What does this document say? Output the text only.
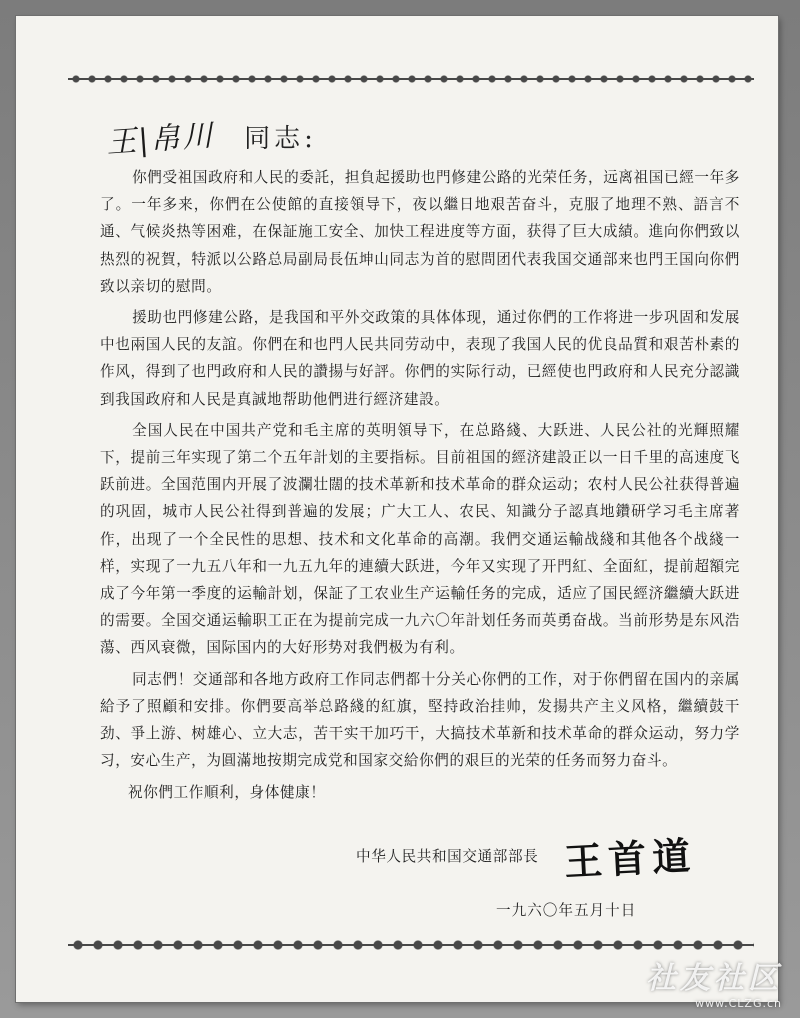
王|帛川 同志:

你們受祖国政府和人民的委託，担負起援助也門修建公路的光荣任务，远离祖国已經一年多了。一年多来，你們在公使館的直接領导下，夜以繼日地艰苦奋斗，克服了地理不熟、語言不通、气候炎热等困难，在保証施工安全、加快工程进度等方面，获得了巨大成績。進向你們致以热烈的祝賀，特派以公路总局副局長伍坤山同志为首的慰問团代表我国交通部来也門王国向你們致以亲切的慰問。

援助也門修建公路，是我国和平外交政策的具体体现，通过你們的工作将进一步巩固和发展中也兩国人民的友誼。你們在和也門人民共同劳动中，表现了我国人民的优良品質和艰苦朴素的作风，得到了也門政府和人民的讚揚与好評。你們的实际行动，已經使也門政府和人民充分認識到我国政府和人民是真誠地帮助他們进行經济建設。

全国人民在中国共产党和毛主席的英明領导下，在总路綫、大跃进、人民公社的光輝照耀下，提前三年实现了第二个五年計划的主要指标。目前祖国的經济建設正以一日千里的高速度飞跃前进。全国范围内开展了波瀾壮闊的技术革新和技术革命的群众运动；农村人民公社获得普遍的巩固，城市人民公社得到普遍的发展；广大工人、农民、知識分子認真地鑽研学习毛主席著作，出现了一个全民性的思想、技术和文化革命的高潮。我們交通运輸战綫和其他各个战綫一样，实现了一九五八年和一九五九年的連續大跃进，今年又实现了开門紅、全面紅，提前超額完成了今年第一季度的运輸計划，保証了工农业生产运輸任务的完成，适应了国民經济繼續大跃进的需要。全国交通运輸职工正在为提前完成一九六〇年計划任务而英勇奋战。当前形势是东风浩蕩、西风衰微，国际国内的大好形势对我們极为有利。

同志們！交通部和各地方政府工作同志們都十分关心你們的工作，对于你們留在国内的亲属給予了照顧和安排。你們要高举总路綫的紅旗，堅持政治挂帅，发揚共产主义风格，繼續鼓干劲、爭上游、树雄心、立大志，苦干实干加巧干，大搞技术革新和技术革命的群众运动，努力学习，安心生产，为圓滿地按期完成党和国家交給你們的艰巨的光荣的任务而努力奋斗。

祝你們工作順利，身体健康！
中华人民共和国交通部部長 王首道
一九六〇年五月十日
社友社区
www.CLZG.cn
